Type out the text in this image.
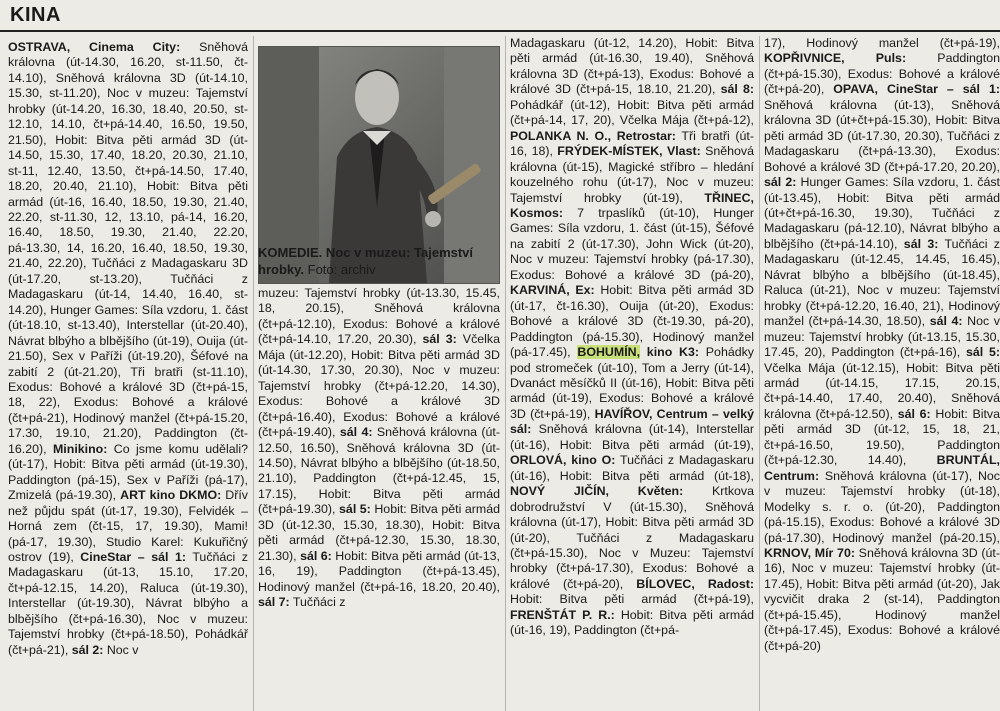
KINA
KOMEDIE. Noc v muzeu: Tajemství hrobky. Foto: archiv
OSTRAVA, Cinema City: Sněhová královna (út-14.30, 16.20, st-11.50, čt-14.10), Sněhová královna 3D (út-14.10, 15.30, st-11.20), Noc v muzeu: Tajemství hrobky (út-14.20, 16.30, 18.40, 20.50, st-12.10, 14.10, čt+pá-14.40, 16.50, 19.50, 21.50), Hobit: Bitva pěti armád 3D (út-14.50, 15.30, 17.40, 18.20, 20.30, 21.10, st-11, 12.40, 13.50, čt+pá-14.50, 17.40, 18.20, 20.40, 21.10), Hobit: Bitva pěti armád (út-16, 16.40, 18.50, 19.30, 21.40, 22.20, st-11.30, 12, 13.10, pá-14, 16.20, 16.40, 18.50, 19.30, 21.40, 22.20, pá-13.30, 14, 16.20, 16.40, 18.50, 19.30, 21.40, 22.20), Tučňáci z Madagaskaru 3D (út-17.20, st-13.20), Tučňáci z Madagaskaru (út-14, 14.40, 16.40, st-14.20), Hunger Games: Síla vzdoru, 1. část (út-18.10, st-13.40), Interstellar (út-20.40), Návrat blbýho a blbějšího (út-19), Ouija (út-21.50), Sex v Paříži (út-19.20), Šéfové na zabití 2 (út-21.20), Tři bratři (st-11.10), Exodus: Bohové a králové 3D (čt+pá-15, 18, 22), Exodus: Bohové a králové (čt+pá-21), Hodinový manžel (čt+pá-15.20, 17.30, 19.10, 21.20), Paddington (čt-16.20), Minikino: Co jsme komu udělali? (út-17), Hobit: Bitva pěti armád (út-19.30), Paddington (pá-15), Sex v Paříži (pá-17), Zmizelá (pá-19.30), ART kino DKMO: Dřív než půjdu spát (út-17, 19.30), Felvidék – Horná zem (čt-15, 17, 19.30), Mami! (pá-17, 19.30), Studio Karel: Kukuřičný ostrov (19), CineStar – sál 1: Tučňáci z Madagaskaru (út-13, 15.10, 17.20, čt+pá-12.15, 14.20), Raluca (út-19.30), Interstellar (út-19.30), Návrat blbýho a blbějšího (čt+pá-16.30), Noc v muzeu: Tajemství hrobky (čt+pá-18.50), Pohádkář (čt+pá-21), sál 2: Noc v
muzeu: Tajemství hrobky (út-13.30, 15.45, 18, 20.15), Sněhová královna (čt+pá-12.10), Exodus: Bohové a králové (čt+pá-14.10, 17.20, 20.30), sál 3: Včelka Mája (út-12.20), Hobit: Bitva pěti armád 3D (út-14.30, 17.30, 20.30), Noc v muzeu: Tajemství hrobky (čt+pá-12.20, 14.30), Exodus: Bohové a králové 3D (čt+pá-16.40), Exodus: Bohové a králové (čt+pá-19.40), sál 4: Sněhová královna (út-12.50, 16.50), Sněhová královna 3D (út-14.50), Návrat blbýho a blbějšího (út-18.50, 21.10), Paddington (čt+pá-12.45, 15, 17.15), Hobit: Bitva pěti armád (čt+pá-19.30), sál 5: Hobit: Bitva pěti armád 3D (út-12.30, 15.30, 18.30), Hobit: Bitva pěti armád (čt+pá-12.30, 15.30, 18.30, 21.30), sál 6: Hobit: Bitva pěti armád (út-13, 16, 19), Paddington (čt+pá-13.45), Hodinový manžel (čt+pá-16, 18.20, 20.40), sál 7: Tučňáci z
Madagaskaru (út-12, 14.20), Hobit: Bitva pěti armád (út-16.30, 19.40), Sněhová královna 3D (čt+pá-13), Exodus: Bohové a králové 3D (čt+pá-15, 18.10, 21.20), sál 8: Pohádkář (út-12), Hobit: Bitva pěti armád (čt+pá-14, 17, 20), Včelka Mája (čt+pá-12), POLANKA N. O., Retrostar: Tři bratři (út-16, 18), FRÝDEK-MÍSTEK, Vlast: Sněhová královna (út-15), Magické stříbro – hledání kouzelného rohu (út-17), Noc v muzeu: Tajemství hrobky (út-19), TŘINEC, Kosmos: 7 trpaslíků (út-10), Hunger Games: Síla vzdoru, 1. část (út-15), Šéfové na zabití 2 (út-17.30), John Wick (út-20), Noc v muzeu: Tajemství hrobky (pá-17.30), Exodus: Bohové a králové 3D (pá-20), KARVINÁ, Ex: Hobit: Bitva pěti armád 3D (út-17, čt-16.30), Ouija (út-20), Exodus: Bohové a králové 3D (čt-19.30, pá-20), Paddington (pá-15.30), Hodinový manžel (pá-17.45), BOHUMÍN, kino K3: Pohádky pod stromeček (út-10), Tom a Jerry (út-14), Dvanáct měsíčků II (út-16), Hobit: Bitva pěti armád (út-19), Exodus: Bohové a králové 3D (čt+pá-19), HAVÍŘOV, Centrum – velký sál: Sněhová královna (út-14), Interstellar (út-16), Hobit: Bitva pěti armád (út-19), ORLOVÁ, kino O: Tučňáci z Madagaskaru (út-16), Hobit: Bitva pěti armád (út-18), NOVÝ JIČÍN, Květen: Krtkova dobrodružství V (út-15.30), Sněhová královna (út-17), Hobit: Bitva pěti armád 3D (út-20), Tučňáci z Madagaskaru (čt+pá-15.30), Noc v Muzeu: Tajemství hrobky (čt+pá-17.30), Exodus: Bohové a králové (čt+pá-20), BÍLOVEC, Radost: Hobit: Bitva pěti armád (čt+pá-19), FRENŠTÁT P. R.: Hobit: Bitva pěti armád (út-16, 19), Paddington (čt+pá-
17), Hodinový manžel (čt+pá-19), KOPŘIVNICE, Puls: Paddington (čt+pá-15.30), Exodus: Bohové a králové (čt+pá-20), OPAVA, CineStar – sál 1: Sněhová královna (út-13), Sněhová královna 3D (út+čt+pá-15.30), Hobit: Bitva pěti armád 3D (út-17.30, 20.30), Tučňáci z Madagaskaru (čt+pá-13.30), Exodus: Bohové a králové 3D (čt+pá-17.20, 20.20), sál 2: Hunger Games: Síla vzdoru, 1. část (út-13.45), Hobit: Bitva pěti armád (út+čt+pá-16.30, 19.30), Tučňáci z Madagaskaru (pá-12.10), Návrat blbýho a blbějšího (čt+pá-14.10), sál 3: Tučňáci z Madagaskaru (út-12.45, 14.45, 16.45), Návrat blbýho a blbějšího (út-18.45), Raluca (út-21), Noc v muzeu: Tajemství hrobky (čt+pá-12.20, 16.40, 21), Hodinový manžel (čt+pá-14.30, 18.50), sál 4: Noc v muzeu: Tajemství hrobky (út-13.15, 15.30, 17.45, 20), Paddington (čt+pá-16), sál 5: Včelka Mája (út-12.15), Hobit: Bitva pěti armád (út-14.15, 17.15, 20.15, čt+pá-14.40, 17.40, 20.40), Sněhová královna (čt+pá-12.50), sál 6: Hobit: Bitva pěti armád 3D (út-12, 15, 18, 21, čt+pá-16.50, 19.50), Paddington (čt+pá-12.30, 14.40), BRUNTÁL, Centrum: Sněhová královna (út-17), Noc v muzeu: Tajemství hrobky (út-18), Modelky s. r. o. (út-20), Paddington (pá-15.15), Exodus: Bohové a králové 3D (pá-17.30), Hodinový manžel (pá-20.15), KRNOV, Mír 70: Sněhová královna 3D (út-16), Noc v muzeu: Tajemství hrobky (út-17.45), Hobit: Bitva pěti armád (út-20), Jak vycvičit draka 2 (st-14), Paddington (čt+pá-15.45), Hodinový manžel (čt+pá-17.45), Exodus: Bohové a králové (čt+pá-20)
